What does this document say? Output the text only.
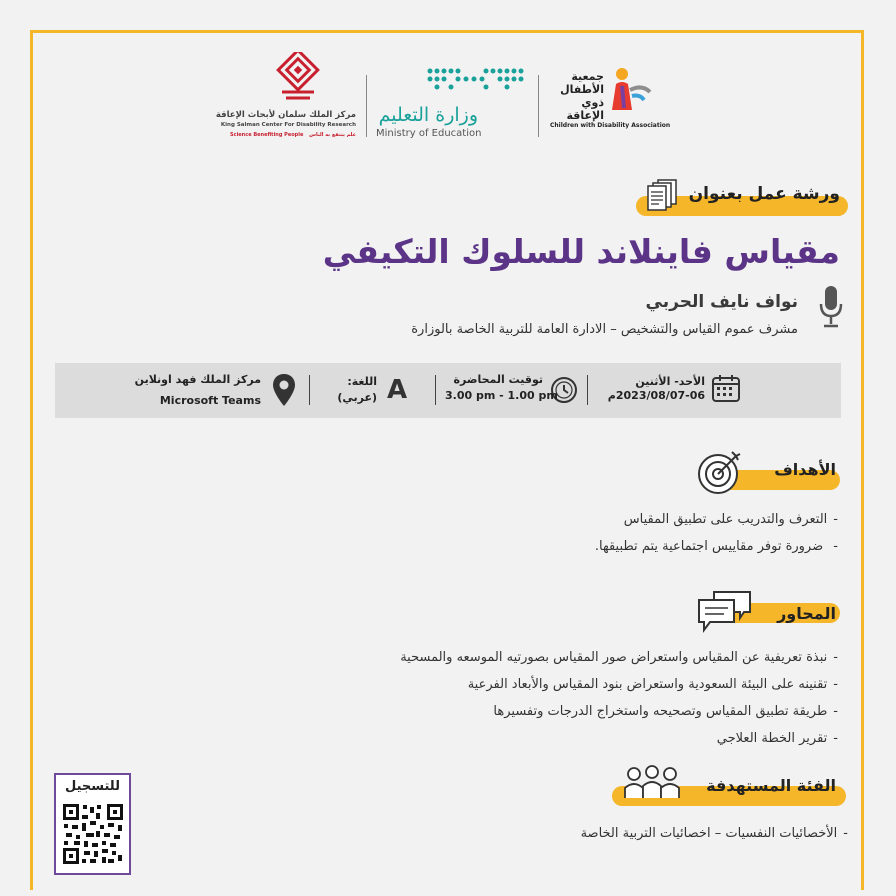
مركز الملك سلمان لأبحاث الإعاقة
King Salman Center For Disability Research
Science Benefiting People علم ينتفع به الناس
وزارة التعليم
Ministry of Education
جمعية
الأطفال
ذوي الإعاقة
Children with Disability Association
ورشة عمل بعنوان
مقياس فاينلاند للسلوك التكيفي
نواف نايف الحربي
مشرف عموم القياس والتشخيص – الادارة العامة للتربية الخاصة بالوزارة
الأحد- الأثنين
2023/08/07-06م
توقيت المحاضرة
3.00 pm - 1.00 pm
A
اللغة:
(عربي)
مركز الملك فهد اونلاين
Microsoft Teams
الأهداف
-التعرف والتدريب على تطبيق المقياس
- ضرورة توفر مقاييس اجتماعية يتم تطبيقها.
المحاور
-نبذة تعريفية عن المقياس واستعراض صور المقياس بصورتيه الموسعه والمسحية
-تقنينه على البيئة السعودية واستعراض بنود المقياس والأبعاد الفرعية
-طريقة تطبيق المقياس وتصحيحه واستخراج الدرجات وتفسيرها
-تقرير الخطة العلاجي
الفئة المستهدفة
-الأخصائيات النفسيات – اخصائيات التربية الخاصة
للتسجيل
